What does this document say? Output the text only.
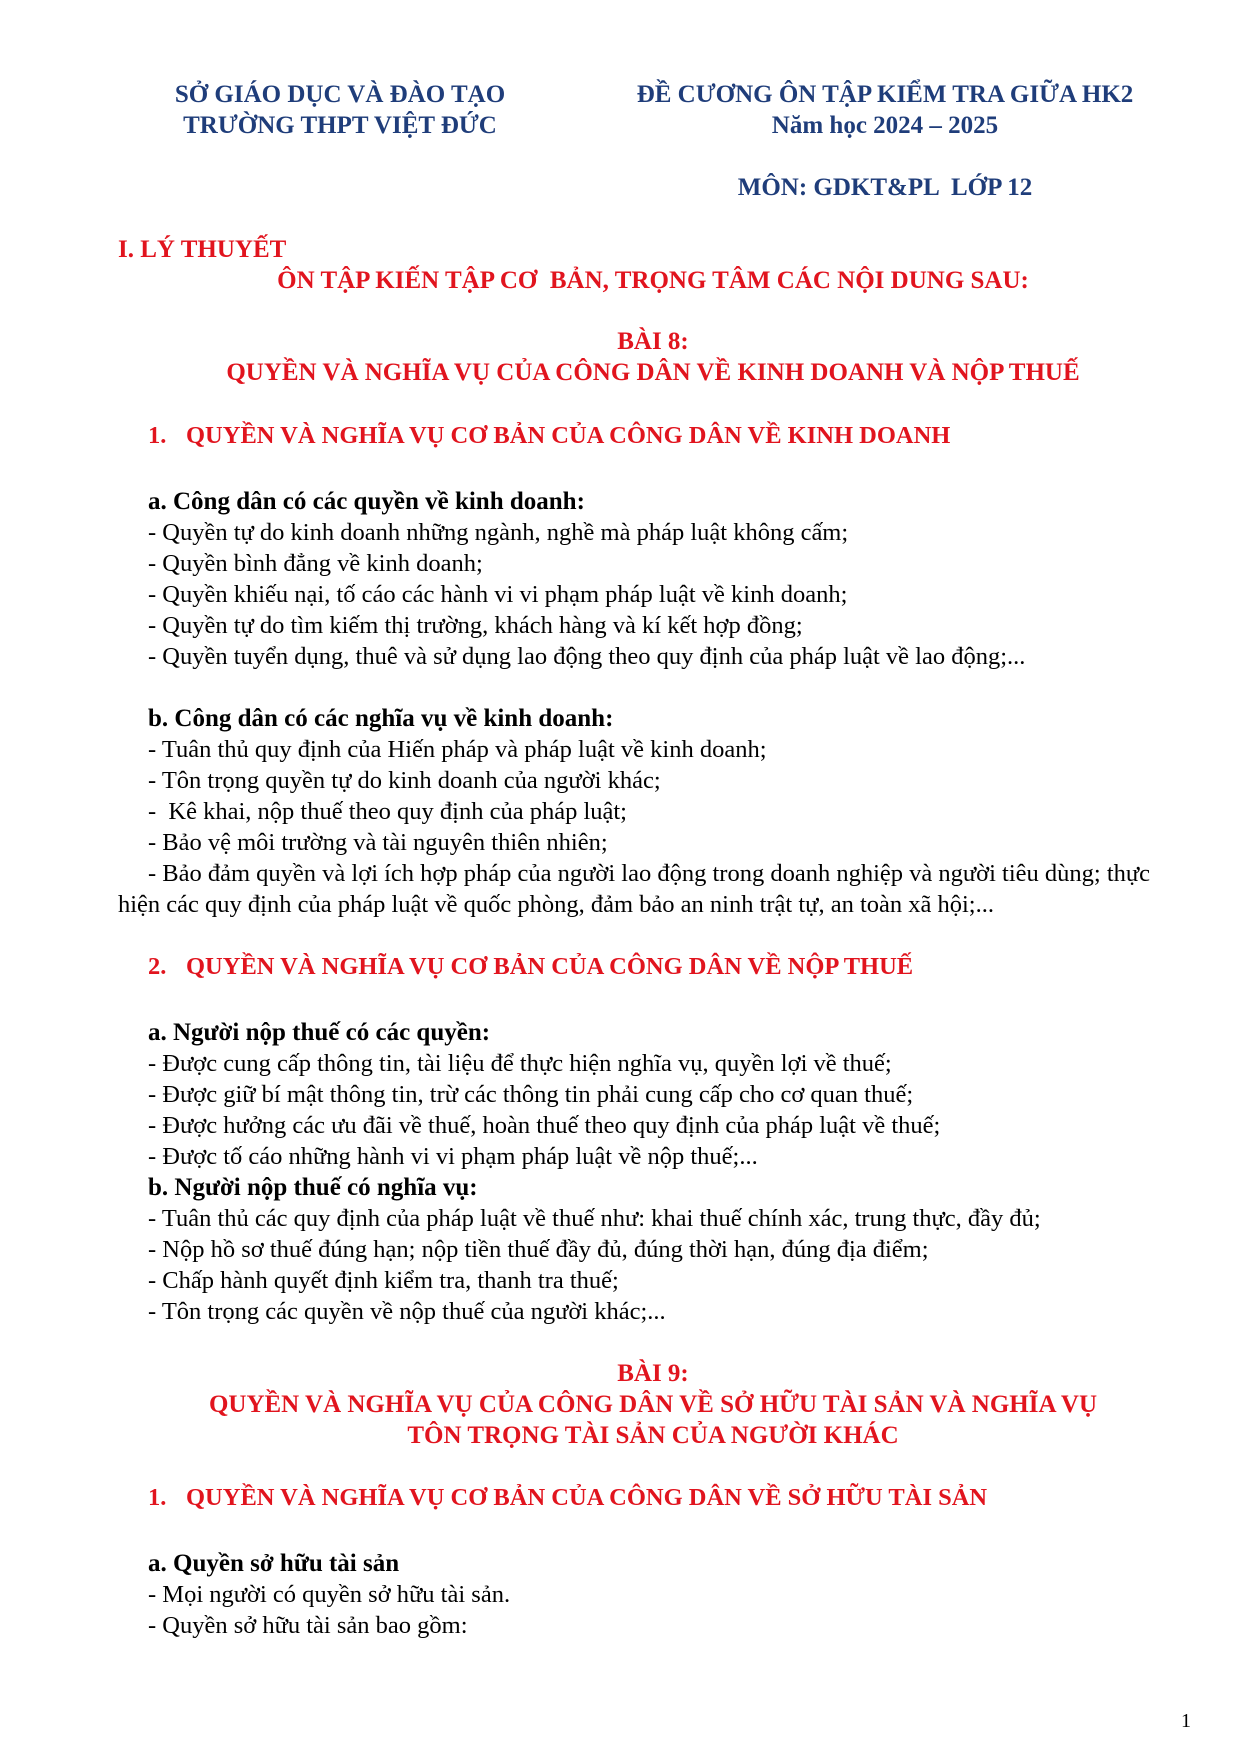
SỞ GIÁO DỤC VÀ ĐÀO TẠO
TRƯỜNG THPT VIỆT ĐỨC
ĐỀ CƯƠNG ÔN TẬP KIỂM TRA GIỮA HK2
Năm học 2024 – 2025
MÔN: GDKT&PL  LỚP 12
I. LÝ THUYẾT
ÔN TẬP KIẾN TẬP CƠ  BẢN, TRỌNG TÂM CÁC NỘI DUNG SAU:
BÀI 8:
QUYỀN VÀ NGHĨA VỤ CỦA CÔNG DÂN VỀ KINH DOANH VÀ NỘP THUẾ
1. QUYỀN VÀ NGHĨA VỤ CƠ BẢN CỦA CÔNG DÂN VỀ KINH DOANH
a. Công dân có các quyền về kinh doanh:
- Quyền tự do kinh doanh những ngành, nghề mà pháp luật không cấm;
- Quyền bình đẳng về kinh doanh;
- Quyền khiếu nại, tố cáo các hành vi vi phạm pháp luật về kinh doanh;
- Quyền tự do tìm kiếm thị trường, khách hàng và kí kết hợp đồng;
- Quyền tuyển dụng, thuê và sử dụng lao động theo quy định của pháp luật về lao động;...
b. Công dân có các nghĩa vụ về kinh doanh:
- Tuân thủ quy định của Hiến pháp và pháp luật về kinh doanh;
- Tôn trọng quyền tự do kinh doanh của người khác;
-  Kê khai, nộp thuế theo quy định của pháp luật;
- Bảo vệ môi trường và tài nguyên thiên nhiên;
- Bảo đảm quyền và lợi ích hợp pháp của người lao động trong doanh nghiệp và người tiêu dùng; thực hiện các quy định của pháp luật về quốc phòng, đảm bảo an ninh trật tự, an toàn xã hội;...
2. QUYỀN VÀ NGHĨA VỤ CƠ BẢN CỦA CÔNG DÂN VỀ NỘP THUẾ
a. Người nộp thuế có các quyền:
- Được cung cấp thông tin, tài liệu để thực hiện nghĩa vụ, quyền lợi về thuế;
- Được giữ bí mật thông tin, trừ các thông tin phải cung cấp cho cơ quan thuế;
- Được hưởng các ưu đãi về thuế, hoàn thuế theo quy định của pháp luật về thuế;
- Được tố cáo những hành vi vi phạm pháp luật về nộp thuế;...
b. Người nộp thuế có nghĩa vụ:
- Tuân thủ các quy định của pháp luật về thuế như: khai thuế chính xác, trung thực, đầy đủ;
- Nộp hồ sơ thuế đúng hạn; nộp tiền thuế đầy đủ, đúng thời hạn, đúng địa điểm;
- Chấp hành quyết định kiểm tra, thanh tra thuế;
- Tôn trọng các quyền về nộp thuế của người khác;...
BÀI 9:
QUYỀN VÀ NGHĨA VỤ CỦA CÔNG DÂN VỀ SỞ HỮU TÀI SẢN VÀ NGHĨA VỤ
TÔN TRỌNG TÀI SẢN CỦA NGƯỜI KHÁC
1. QUYỀN VÀ NGHĨA VỤ CƠ BẢN CỦA CÔNG DÂN VỀ SỞ HỮU TÀI SẢN
a. Quyền sở hữu tài sản
- Mọi người có quyền sở hữu tài sản.
- Quyền sở hữu tài sản bao gồm:
1
